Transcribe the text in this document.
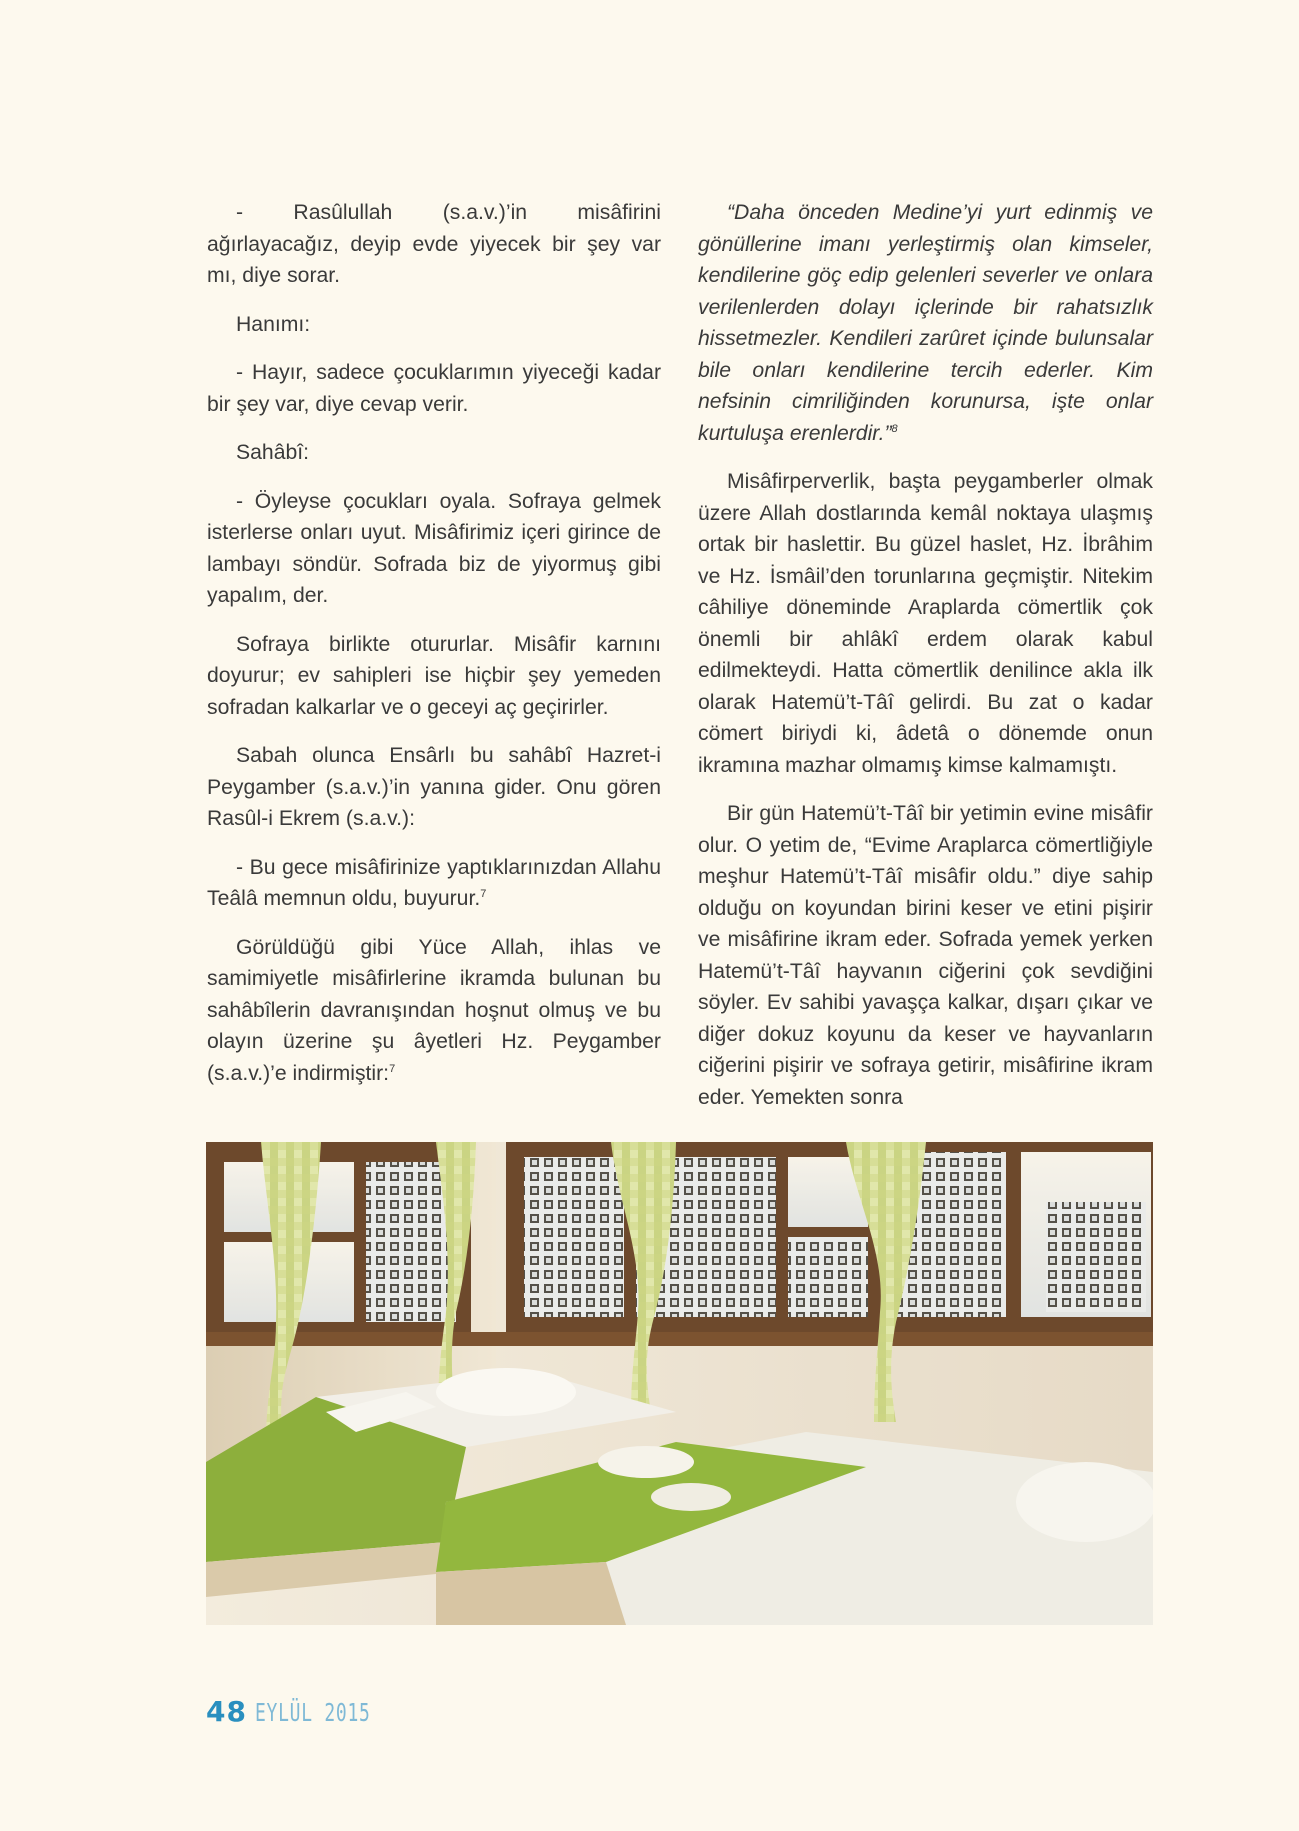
- Rasûlullah (s.a.v.)’in misâfirini ağırlayacağız, deyip evde yiyecek bir şey var mı, diye sorar.

Hanımı:

- Hayır, sadece çocuklarımın yiyeceği kadar bir şey var, diye cevap verir.

Sahâbî:

- Öyleyse çocukları oyala. Sofraya gelmek isterlerse onları uyut. Misâfirimiz içeri girince de lambayı söndür. Sofrada biz de yiyormuş gibi yapalım, der.

Sofraya birlikte otururlar. Misâfir karnını doyurur; ev sahipleri ise hiçbir şey yemeden sofradan kalkarlar ve o geceyi aç geçirirler.

Sabah olunca Ensârlı bu sahâbî Hazret-i Peygamber (s.a.v.)’in yanına gider. Onu gören Rasûl-i Ekrem (s.a.v.):

- Bu gece misâfirinize yaptıklarınızdan Allahu Teâlâ memnun oldu, buyurur.$^7$

Görüldüğü gibi Yüce Allah, ihlas ve samimiyetle misâfirlerine ikramda bulunan bu sahâbîlerin davranışından hoşnut olmuş ve bu olayın üzerine şu âyetleri Hz. Peygamber (s.a.v.)’e indirmiştir:$^7$

“Daha önceden Medine’yi yurt edinmiş ve gönüllerine imanı yerleştirmiş olan kimseler, kendilerine göç edip gelenleri severler ve onlara verilenlerden dolayı içlerinde bir rahatsızlık hissetmezler. Kendileri zarûret içinde bulunsalar bile onları kendilerine tercih ederler. Kim nefsinin cimriliğinden korunursa, işte onlar kurtuluşa erenlerdir.”$^8$

Misâfirperverlik, başta peygamberler olmak üzere Allah dostlarında kemâl noktaya ulaşmış ortak bir haslettir. Bu güzel haslet, Hz. İbrâhim ve Hz. İsmâil’den torunlarına geçmiştir. Nitekim câhiliye döneminde Araplarda cömertlik çok önemli bir ahlâkî erdem olarak kabul edilmekteydi. Hatta cömertlik denilince akla ilk olarak Hatemü’t-Tâî gelirdi. Bu zat o kadar cömert biriydi ki, âdetâ o dönemde onun ikramına mazhar olmamış kimse kalmamıştı.

Bir gün Hatemü’t-Tâî bir yetimin evine misâfir olur. O yetim de, “Evime Araplarca cömertliğiyle meşhur Hatemü’t-Tâî misâfir oldu.” diye sahip olduğu on koyundan birini keser ve etini pişirir ve misâfirine ikram eder. Sofrada yemek yerken Hatemü’t-Tâî hayvanın ciğerini çok sevdiğini söyler. Ev sahibi yavaşça kalkar, dışarı çıkar ve diğer dokuz koyunu da keser ve hayvanların ciğerini pişirir ve sofraya getirir, misâfirine ikram eder. Yemekten sonra

48 EYLÜL 2015
